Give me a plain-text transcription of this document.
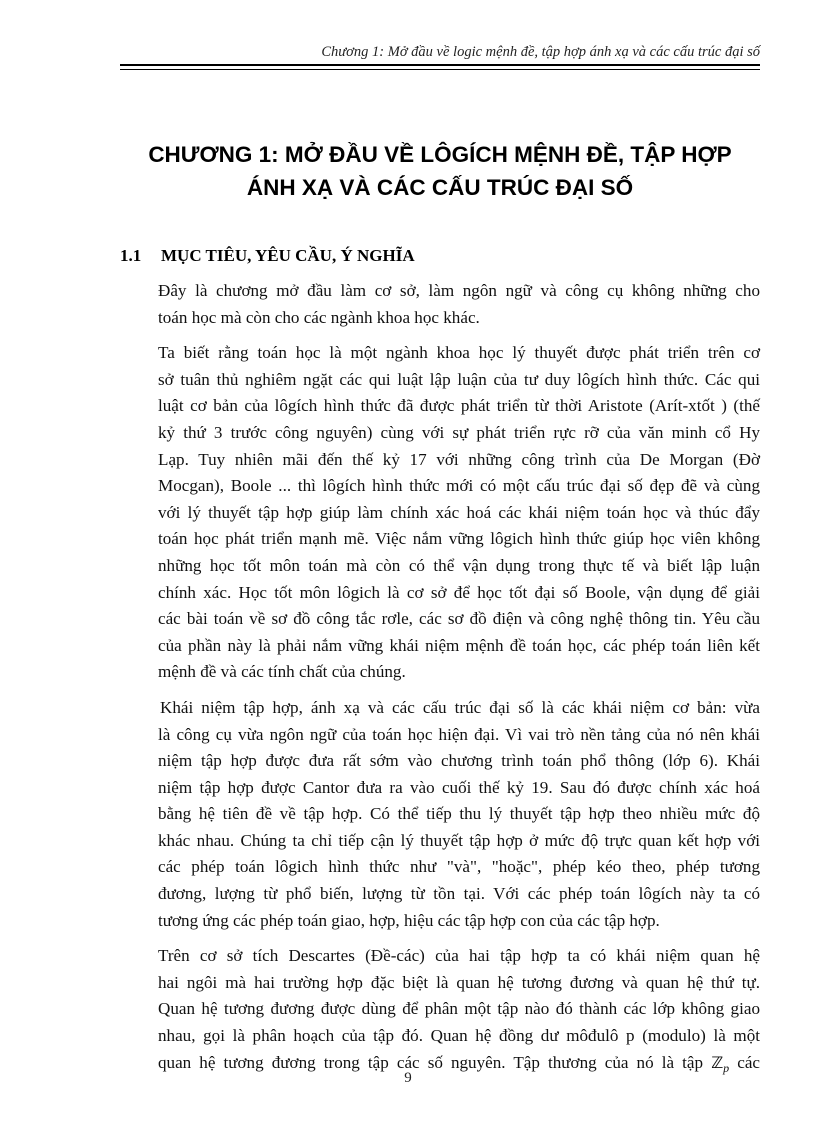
Chương 1: Mở đầu về logic mệnh đề, tập hợp ánh xạ và các cấu trúc đại số
CHƯƠNG 1: MỞ ĐẦU VỀ LÔGÍCH MỆNH ĐỀ, TẬP HỢP
ÁNH XẠ VÀ CÁC CẤU TRÚC ĐẠI SỐ
1.1 MỤC TIÊU, YÊU CẦU, Ý NGHĨA
Đây là chương mở đầu làm cơ sở, làm ngôn ngữ và công cụ không những cho
toán học mà còn cho các ngành khoa học khác.
Ta biết rằng toán học là một ngành khoa học lý thuyết được phát triển trên cơ
sở tuân thủ nghiêm ngặt các qui luật lập luận của tư duy lôgích hình thức. Các qui
luật cơ bản của lôgích hình thức đã được phát triển từ thời Aristote (Arít-xtốt ) (thế
kỷ thứ 3 trước công nguyên) cùng với sự phát triển rực rỡ của văn minh cổ Hy
Lạp. Tuy nhiên mãi đến thế kỷ 17 với những công trình của De Morgan (Đờ
Mocgan), Boole ... thì lôgích hình thức mới có một cấu trúc đại số đẹp đẽ và cùng
với lý thuyết tập hợp giúp làm chính xác hoá các khái niệm toán học và thúc đẩy
toán học phát triển mạnh mẽ. Việc nắm vững lôgich hình thức giúp học viên không
những học tốt môn toán mà còn có thể vận dụng trong thực tế và biết lập luận
chính xác. Học tốt môn lôgich là cơ sở để học tốt đại số Boole, vận dụng để giải
các bài toán về sơ đồ công tắc rơle, các sơ đồ điện và công nghệ thông tin. Yêu cầu
của phần này là phải nắm vững khái niệm mệnh đề toán học, các phép toán liên kết
mệnh đề và các tính chất của chúng.
Khái niệm tập hợp, ánh xạ và các cấu trúc đại số là các khái niệm cơ bản: vừa
là công cụ vừa ngôn ngữ của toán học hiện đại. Vì vai trò nền tảng của nó nên khái
niệm tập hợp được đưa rất sớm vào chương trình toán phổ thông (lớp 6). Khái
niệm tập hợp được Cantor đưa ra vào cuối thế kỷ 19. Sau đó được chính xác hoá
bằng hệ tiên đề về tập hợp. Có thể tiếp thu lý thuyết tập hợp theo nhiều mức độ
khác nhau. Chúng ta chỉ tiếp cận lý thuyết tập hợp ở mức độ trực quan kết hợp với
các phép toán lôgich hình thức như "và", "hoặc", phép kéo theo, phép tương
đương, lượng từ phổ biến, lượng từ tồn tại. Với các phép toán lôgích này ta có
tương ứng các phép toán giao, hợp, hiệu các tập hợp con của các tập hợp.
Trên cơ sở tích Descartes (Đề-các) của hai tập hợp ta có khái niệm quan hệ
hai ngôi mà hai trường hợp đặc biệt là quan hệ tương đương và quan hệ thứ tự.
Quan hệ tương đương được dùng để phân một tập nào đó thành các lớp không giao
nhau, gọi là phân hoạch của tập đó. Quan hệ đồng dư môđulô p (modulo) là một
quan hệ tương đương trong tập các số nguyên. Tập thương của nó là tập ℤ$_p$ các
9
